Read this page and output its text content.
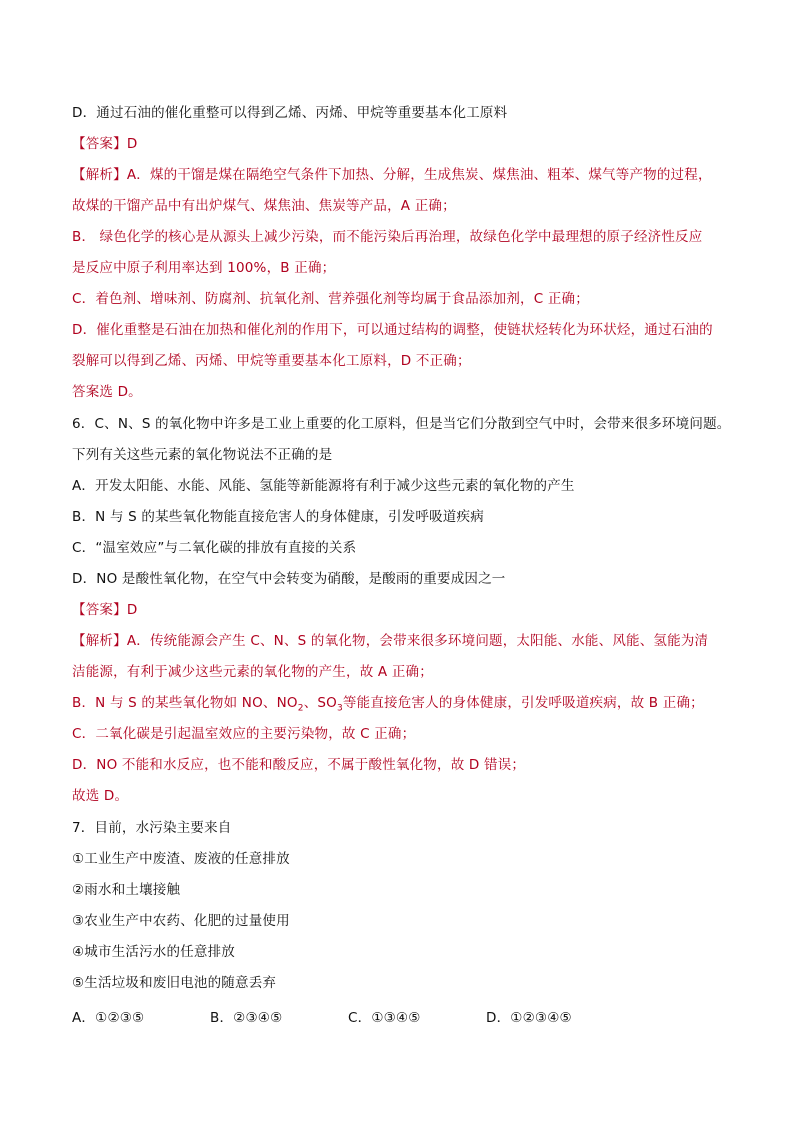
D．通过石油的催化重整可以得到乙烯、丙烯、甲烷等重要基本化工原料
【答案】D
【解析】A．煤的干馏是煤在隔绝空气条件下加热、分解，生成焦炭、煤焦油、粗苯、煤气等产物的过程，
故煤的干馏产品中有出炉煤气、煤焦油、焦炭等产品，A 正确；
B． 绿色化学的核心是从源头上减少污染，而不能污染后再治理，故绿色化学中最理想的原子经济性反应
是反应中原子利用率达到 100%，B 正确；
C．着色剂、增味剂、防腐剂、抗氧化剂、营养强化剂等均属于食品添加剂，C 正确；
D．催化重整是石油在加热和催化剂的作用下，可以通过结构的调整，使链状烃转化为环状烃，通过石油的
裂解可以得到乙烯、丙烯、甲烷等重要基本化工原料，D 不正确；
答案选 D。
6．C、N、S 的氧化物中许多是工业上重要的化工原料，但是当它们分散到空气中时，会带来很多环境问题。
下列有关这些元素的氧化物说法不正确的是
A．开发太阳能、水能、风能、氢能等新能源将有利于减少这些元素的氧化物的产生
B．N 与 S 的某些氧化物能直接危害人的身体健康，引发呼吸道疾病
C．“温室效应”与二氧化碳的排放有直接的关系
D．NO 是酸性氧化物，在空气中会转变为硝酸，是酸雨的重要成因之一
【答案】D
【解析】A．传统能源会产生 C、N、S 的氧化物，会带来很多环境问题，太阳能、水能、风能、氢能为清
洁能源，有利于减少这些元素的氧化物的产生，故 A 正确；
B．N 与 S 的某些氧化物如 NO、$NO_2$、$SO_3$等能直接危害人的身体健康，引发呼吸道疾病，故 B 正确；
C．二氧化碳是引起温室效应的主要污染物，故 C 正确；
D．NO 不能和水反应，也不能和酸反应，不属于酸性氧化物，故 D 错误；
故选 D。
7．目前，水污染主要来自
①工业生产中废渣、废液的任意排放
②雨水和土壤接触
③农业生产中农药、化肥的过量使用
④城市生活污水的任意排放
⑤生活垃圾和废旧电池的随意丢弃
A．①②③⑤	B．②③④⑤	C．①③④⑤	D．①②③④⑤
